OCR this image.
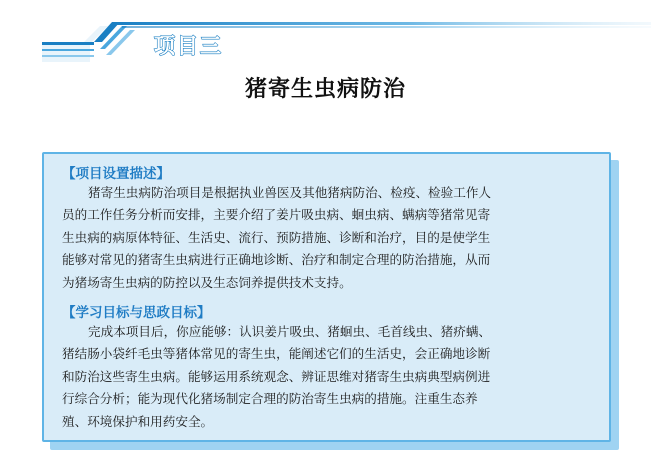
项目三
猪寄生虫病防治
【项目设置描述】
猪寄生虫病防治项目是根据执业兽医及其他猪病防治、检疫、检验工作人
员的工作任务分析而安排，主要介绍了姜片吸虫病、蛔虫病、螨病等猪常见寄
生虫病的病原体特征、生活史、流行、预防措施、诊断和治疗，目的是使学生
能够对常见的猪寄生虫病进行正确地诊断、治疗和制定合理的防治措施，从而
为猪场寄生虫病的防控以及生态饲养提供技术支持。
【学习目标与思政目标】
完成本项目后，你应能够：认识姜片吸虫、猪蛔虫、毛首线虫、猪疥螨、
猪结肠小袋纤毛虫等猪体常见的寄生虫，能阐述它们的生活史，会正确地诊断
和防治这些寄生虫病。能够运用系统观念、辨证思维对猪寄生虫病典型病例进
行综合分析；能为现代化猪场制定合理的防治寄生虫病的措施。注重生态养
殖、环境保护和用药安全。
